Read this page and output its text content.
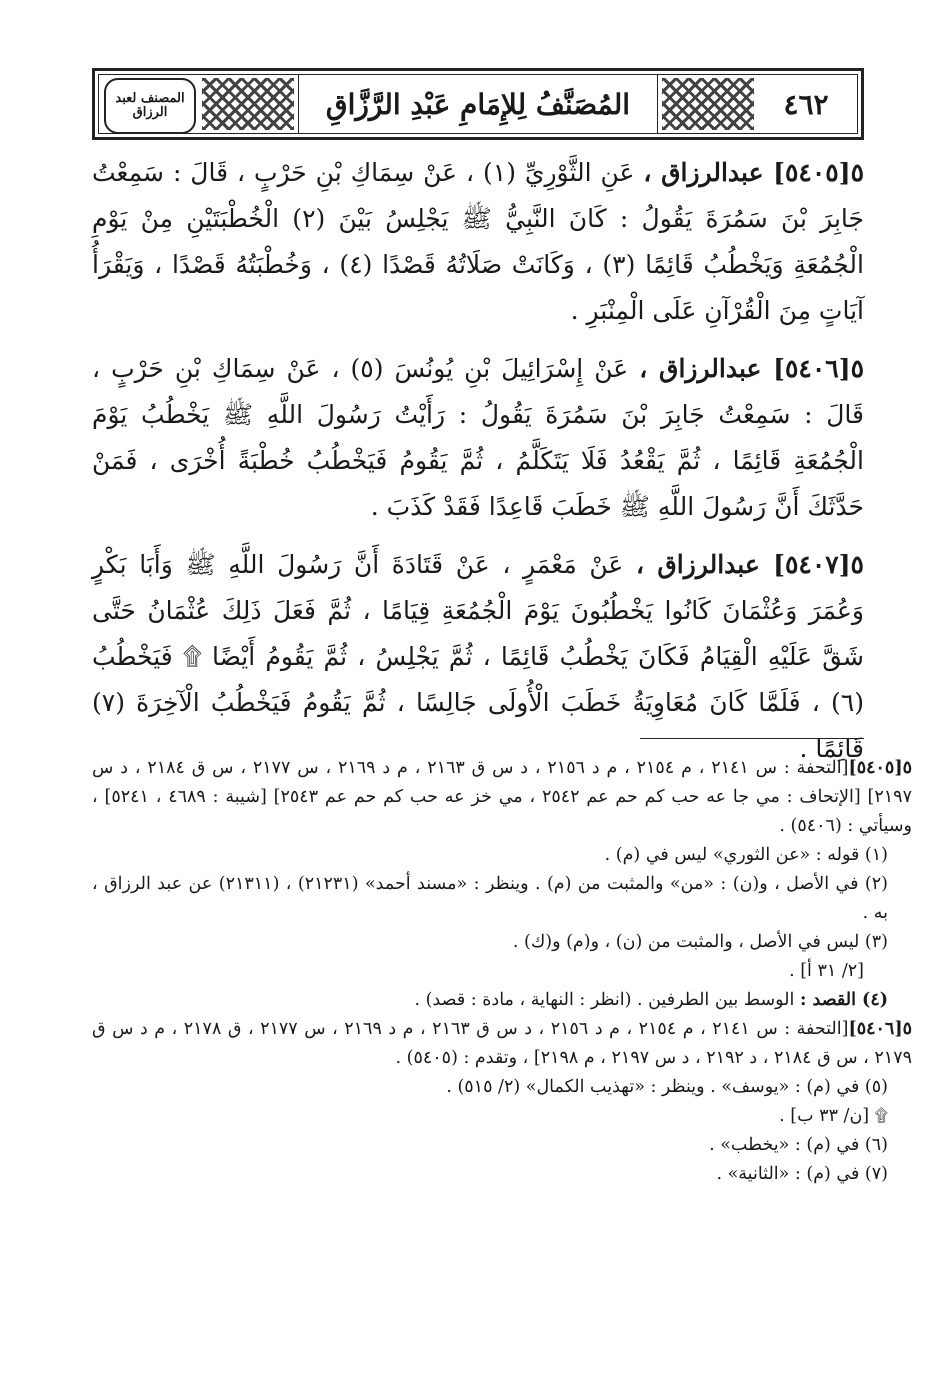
المصنف لعبد الرزاق	المُصَنَّفُ لِلإِمَامِ عَبْدِ الرَّزَّاقِ	٤٦٢

٥[٥٤٠٥] عبدالرزاق ، عَنِ الثَّوْرِيِّ (١) ، عَنْ سِمَاكِ بْنِ حَرْبٍ ، قَالَ : سَمِعْتُ جَابِرَ بْنَ سَمُرَةَ يَقُولُ : كَانَ النَّبِيُّ ﷺ يَجْلِسُ بَيْنَ (٢) الْخُطْبَتَيْنِ مِنْ يَوْمِ الْجُمُعَةِ وَيَخْطُبُ قَائِمًا (٣) ، وَكَانَتْ صَلَاتُهُ قَصْدًا (٤) ، وَخُطْبَتُهُ قَصْدًا ، وَيَقْرَأُ آيَاتٍ مِنَ الْقُرْآنِ عَلَى الْمِنْبَرِ .

٥[٥٤٠٦] عبدالرزاق ، عَنْ إِسْرَائِيلَ بْنِ يُونُسَ (٥) ، عَنْ سِمَاكِ بْنِ حَرْبٍ ، قَالَ : سَمِعْتُ جَابِرَ بْنَ سَمُرَةَ يَقُولُ : رَأَيْتُ رَسُولَ اللَّهِ ﷺ يَخْطُبُ يَوْمَ الْجُمُعَةِ قَائِمًا ، ثُمَّ يَقْعُدُ فَلَا يَتَكَلَّمُ ، ثُمَّ يَقُومُ فَيَخْطُبُ خُطْبَةً أُخْرَى ، فَمَنْ حَدَّثَكَ أَنَّ رَسُولَ اللَّهِ ﷺ خَطَبَ قَاعِدًا فَقَدْ كَذَبَ .

٥[٥٤٠٧] عبدالرزاق ، عَنْ مَعْمَرٍ ، عَنْ قَتَادَةَ أَنَّ رَسُولَ اللَّهِ ﷺ وَأَبَا بَكْرٍ وَعُمَرَ وَعُثْمَانَ كَانُوا يَخْطُبُونَ يَوْمَ الْجُمُعَةِ قِيَامًا ، ثُمَّ فَعَلَ ذَلِكَ عُثْمَانُ حَتَّى شَقَّ عَلَيْهِ الْقِيَامُ فَكَانَ يَخْطُبُ قَائِمًا ، ثُمَّ يَجْلِسُ ، ثُمَّ يَقُومُ أَيْضًا ۩ فَيَخْطُبُ (٦) ، فَلَمَّا كَانَ مُعَاوِيَةُ خَطَبَ الْأُولَى جَالِسًا ، ثُمَّ يَقُومُ فَيَخْطُبُ الْآخِرَةَ (٧) قَائِمًا .

٥[٥٤٠٥][التحفة : س ٢١٤١ ، م ٢١٥٤ ، م د ٢١٥٦ ، د س ق ٢١٦٣ ، م د ٢١٦٩ ، س ٢١٧٧ ، س ق ٢١٨٤ ، د س ٢١٩٧] [الإتحاف : مي جا عه حب كم حم عم ٢٥٤٢ ، مي خز عه حب كم حم عم ٢٥٤٣] [شيبة : ٤٦٨٩ ، ٥٢٤١] ، وسيأتي : (٥٤٠٦) .

(١) قوله : «عن الثوري» ليس في (م) .

(٢) في الأصل ، و(ن) : «من» والمثبت من (م) . وينظر : «مسند أحمد» (٢١٢٣١) ، (٢١٣١١) عن عبد الرزاق ، به .

(٣) ليس في الأصل ، والمثبت من (ن) ، و(م) و(ك) .

[٢/ ٣١ أ] .

(٤) القصد : الوسط بين الطرفين . (انظر : النهاية ، مادة : قصد) .

٥[٥٤٠٦][التحفة : س ٢١٤١ ، م ٢١٥٤ ، م د ٢١٥٦ ، د س ق ٢١٦٣ ، م د ٢١٦٩ ، س ٢١٧٧ ، ق ٢١٧٨ ، م د س ق ٢١٧٩ ، س ق ٢١٨٤ ، د ٢١٩٢ ، د س ٢١٩٧ ، م ٢١٩٨] ، وتقدم : (٥٤٠٥) .

(٥) في (م) : «يوسف» . وينظر : «تهذيب الكمال» (٢/ ٥١٥) .

۩ [ن/ ٣٣ ب] .

(٦) في (م) : «يخطب» .

(٧) في (م) : «الثانية» .
